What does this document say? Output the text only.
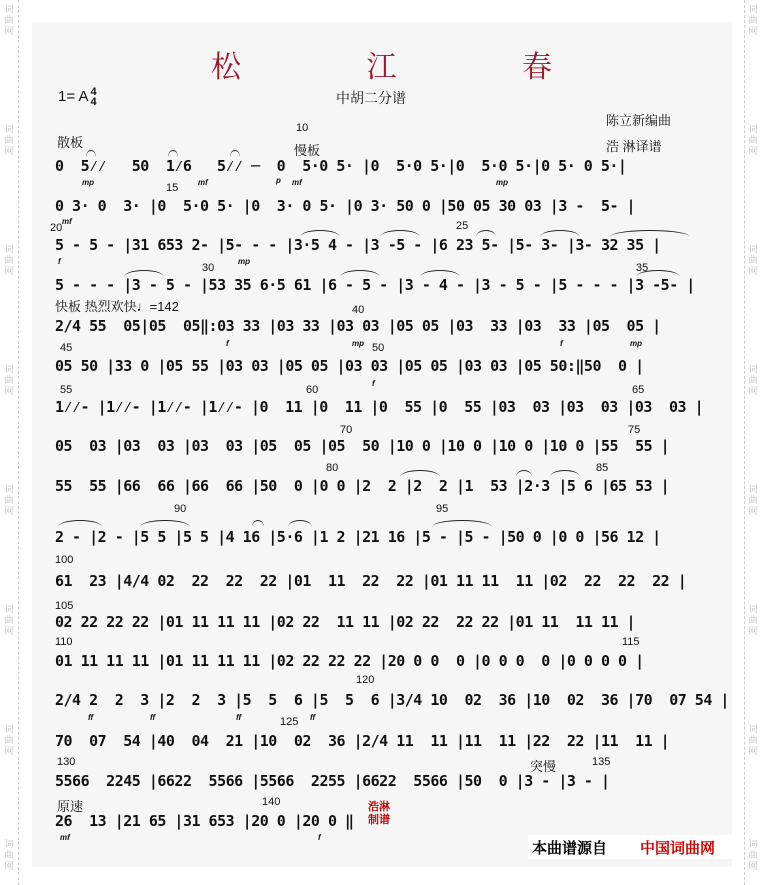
词
曲
网
词
曲
网
词
曲
网
词
曲
网
词
曲
网
词
曲
网
词
曲
网
词
曲
网
词
曲
网
词
曲
网
词
曲
网
词
曲
网
词
曲
网
词
曲
网
词
曲
网
词
曲
网
松 江 春
1= A 4
4	中胡二分谱
陈立新编曲
浩 淋译谱
散板
慢板
快板 热烈欢快♩=142
突慢
原速
10
15
20	25
30	35
40
45	50
55	60	65
70	75
80	85
90	95
100
105
110	115
120
125
130	135
140
0  5⁄⁄   50  1⁄6   5⁄⁄ ─  0  5·0 5· |0  5·0 5·|0  5·0 5·|0 5· 0 5·|
0 3· 0  3· |0  5·0 5· |0  3· 0 5· |0 3· 50 0 |50 05 30 03 |3 -  5- |
5 - 5 - |31 653 2- |5- - - |3·5 4 - |3 -5 - |6 23 5- |5- 3- |3- 32 35 |
5 - - - |3 - 5 - |53 35 6·5 61 |6 - 5 - |3 - 4 - |3 - 5 - |5 - - - |3 -5- |
2/4 55  05|05  05‖:03 33 |03 33 |03 03 |05 05 |03  33 |03  33 |05  05 |
05 50 |33 0 |05 55 |03 03 |05 05 |03 03 |05 05 |03 03 |05 50:‖50  0 |
1⁄⁄- |1⁄⁄- |1⁄⁄- |1⁄⁄- |0  11 |0  11 |0  55 |0  55 |03  03 |03  03 |03  03 |
05  03 |03  03 |03  03 |05  05 |05  50 |10 0 |10 0 |10 0 |10 0 |55  55 |
55  55 |66  66 |66  66 |50  0 |0 0 |2  2 |2  2 |1  53 |2·3 |5 6 |65 53 |
2 - |2 - |5 5 |5 5 |4 16 |5·6 |1 2 |21 16 |5 - |5 - |50 0 |0 0 |56 12 |
61  23 |4/4 02  22  22  22 |01  11  22  22 |01 11 11  11 |02  22  22  22 |
02 22 22 22 |01 11 11 11 |02 22  11 11 |02 22  22 22 |01 11  11 11 |
01 11 11 11 |01 11 11 11 |02 22 22 22 |20 0 0  0 |0 0 0  0 |0 0 0 0 |
2/4 2  2  3 |2  2  3 |5  5  6 |5  5  6 |3/4 10  02  36 |10  02  36 |70  07 54 |
70  07  54 |40  04  21 |10  02  36 |2/4 11  11 |11  11 |22  22 |11  11 |
5566  2245 |6622  5566 |5566  2255 |6622  5566 |50  0 |3 - |3 - |
26  13 |21 65 |31 653 |20 0 |20 0 ‖
mp	mf	p mf	mp
mf
f	mp
f	mp	f	mp
f
ff	ff	ff	ff
mf	f
浩淋
制谱
本曲谱源自 中国词曲网
